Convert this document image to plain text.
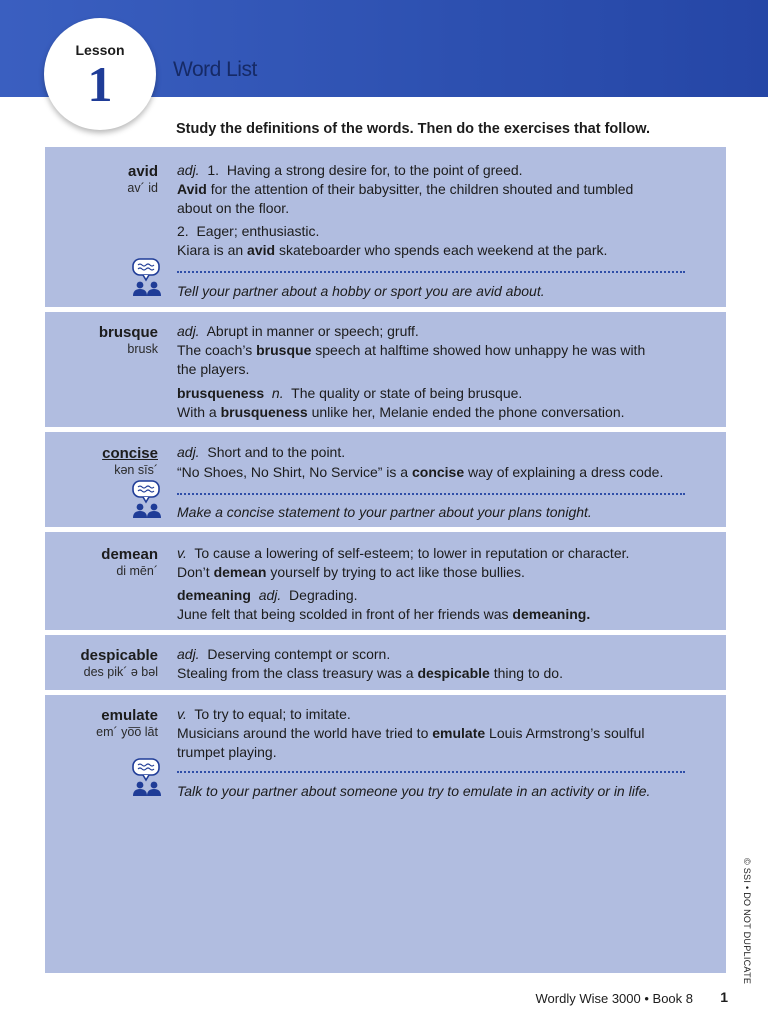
Lesson
1	Word List
Study the definitions of the words. Then do the exercises that follow.
Wordly Wise 3000 • Book 8 1
© SSI • DO NOT DUPLICATE
avid
av´ id
adj.  1.  Having a strong desire for, to the point of greed.
Avid for the attention of their babysitter, the children shouted and tumbled
about on the floor.
2.  Eager; enthusiastic.
Kiara is an avid skateboarder who spends each weekend at the park.
Tell your partner about a hobby or sport you are avid about.
brusque
brusk
adj.  Abrupt in manner or speech; gruff.
The coach’s brusque speech at halftime showed how unhappy he was with
the players.
brusqueness n.  The quality or state of being brusque.
With a brusqueness unlike her, Melanie ended the phone conversation.
concise
kən sīs´
adj.  Short and to the point.
“No Shoes, No Shirt, No Service” is a concise way of explaining a dress code.
Make a concise statement to your partner about your plans tonight.
demean
di mēn´
v.  To cause a lowering of self-esteem; to lower in reputation or character.
Don’t demean yourself by trying to act like those bullies.
demeaning adj.  Degrading.
June felt that being scolded in front of her friends was demeaning.
despicable
des pik´ ə bəl
adj.  Deserving contempt or scorn.
Stealing from the class treasury was a despicable thing to do.
emulate
em´ yo͞o lāt
v.  To try to equal; to imitate.
Musicians around the world have tried to emulate Louis Armstrong’s soulful
trumpet playing.
Talk to your partner about someone you try to emulate in an activity or in life.
